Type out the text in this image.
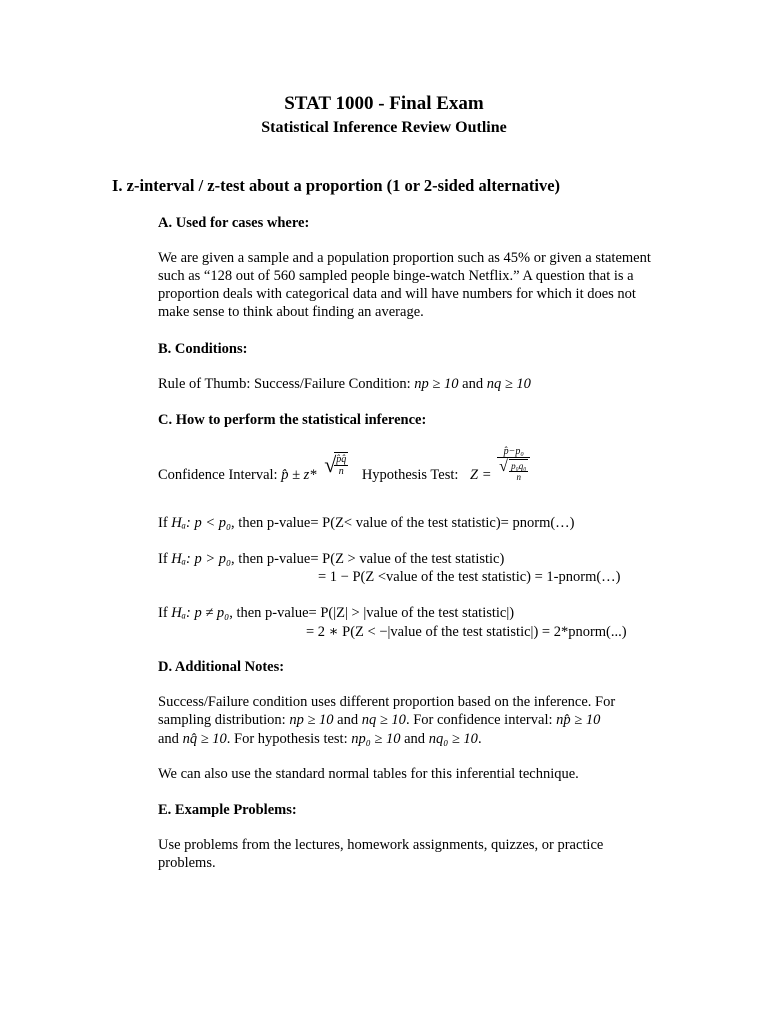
STAT 1000 - Final Exam
Statistical Inference Review Outline
I. z-interval / z-test about a proportion (1 or 2-sided alternative)
A. Used for cases where:
We are given a sample and a population proportion such as 45% or given a statement such as “128 out of 560 sampled people binge-watch Netflix.” A question that is a proportion deals with categorical data and will have numbers for which it does not make sense to think about finding an average.
B. Conditions:
Rule of Thumb: Success/Failure Condition: np ≥ 10 and nq ≥ 10
C. How to perform the statistical inference:
Confidence Interval: p̂ ± z* √
$\frac{p̂q̂}{n}$ Hypothesis Test: $Z = \frac{\text{p̂−p₀}}{√ \frac{\text{p₀q₀}}{n}}$
If Hₐ: p < p₀, then p-value= P(Z< value of the test statistic)= pnorm(…)
If Hₐ: p > p₀, then p-value= P(Z > value of the test statistic)
= 1 − P(Z <value of the test statistic) = 1-pnorm(…)
If Hₐ: p ≠ p₀, then p-value= P(|Z| > |value of the test statistic|)
= 2 ∗ P(Z < −|value of the test statistic|) = 2*pnorm(...)
D. Additional Notes:
Success/Failure condition uses different proportion based on the inference. For
sampling distribution: np ≥ 10 and nq ≥ 10. For confidence interval: np̂ ≥ 10
and nq̂ ≥ 10. For hypothesis test: np₀ ≥ 10 and nq₀ ≥ 10.
We can also use the standard normal tables for this inferential technique.
E. Example Problems:
Use problems from the lectures, homework assignments, quizzes, or practice problems.
